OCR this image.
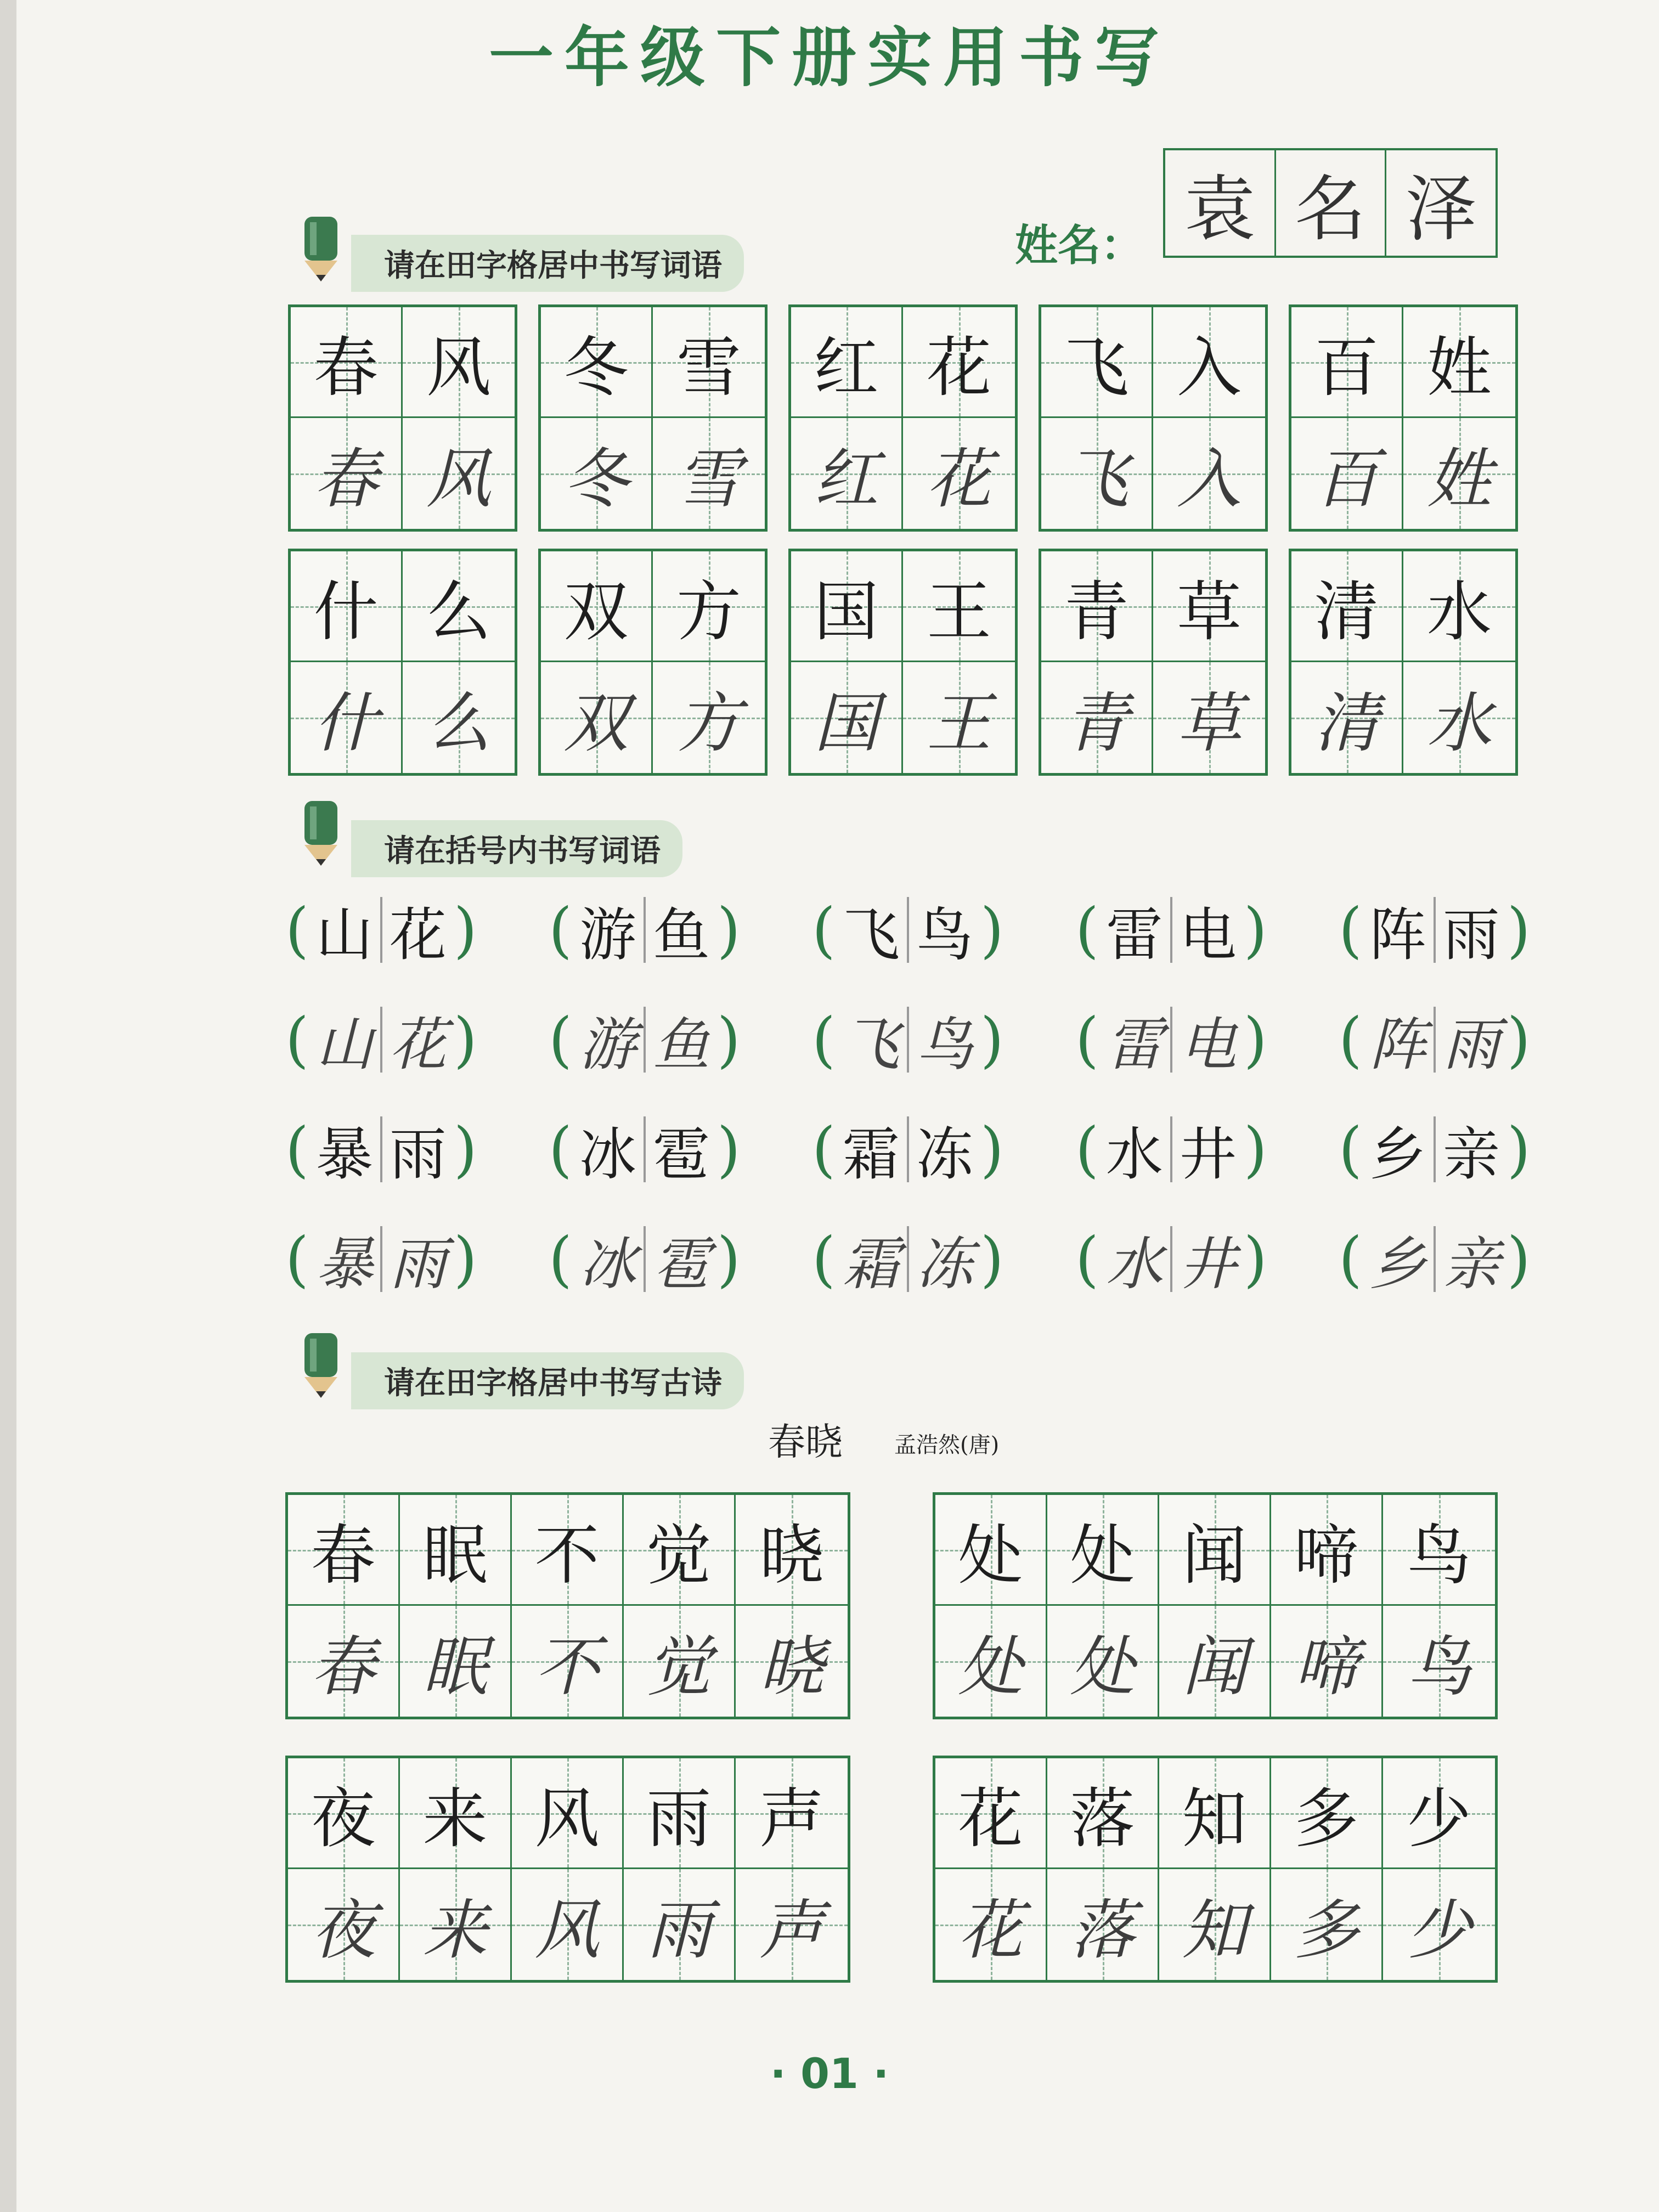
一年级下册实用书写
姓名： 袁 名 泽
请在田字格居中书写词语
春
春
风
风
冬
冬
雪
雪
红
红
花
花
飞
飞
入
入
百
百
姓
姓
什
什
么
么
双
双
方
方
国
国
王
王
青
青
草
草
清
清
水
水
请在括号内书写词语
( 山 花 ) ( 游 鱼 ) ( 飞 鸟 ) ( 雷 电 ) ( 阵 雨 )
( 山 花 ) ( 游 鱼 ) ( 飞 鸟 ) ( 雷 电 ) ( 阵 雨 )
( 暴 雨 ) ( 冰 雹 ) ( 霜 冻 ) ( 水 井 ) ( 乡 亲 )
( 暴 雨 ) ( 冰 雹 ) ( 霜 冻 ) ( 水 井 ) ( 乡 亲 )
请在田字格居中书写古诗
春晓 孟浩然(唐)
春
春
眠
眠
不
不
觉
觉
晓
晓
处
处
处
处
闻
闻
啼
啼
鸟
鸟
夜
夜
来
来
风
风
雨
雨
声
声
花
花
落
落
知
知
多
多
少
少
· 01 ·
